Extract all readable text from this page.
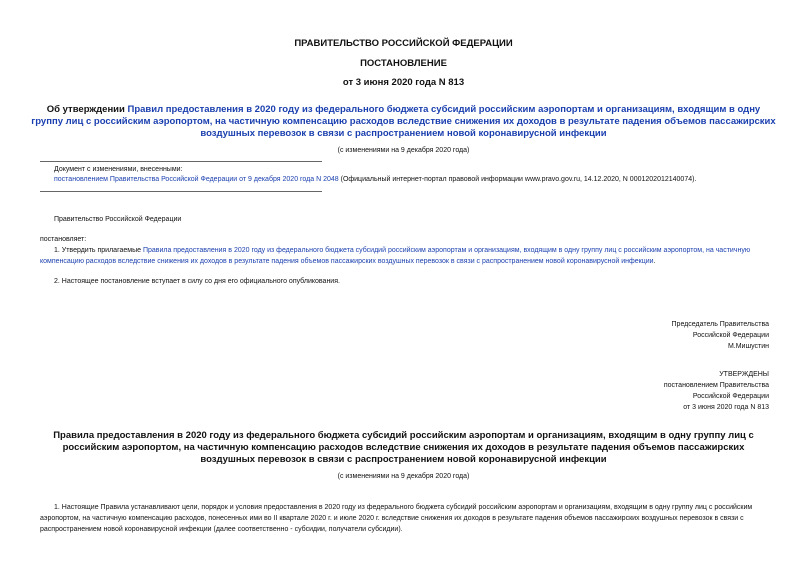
ПРАВИТЕЛЬСТВО РОССИЙСКОЙ ФЕДЕРАЦИИ
ПОСТАНОВЛЕНИЕ
от 3 июня 2020 года N 813
Об утверждении Правил предоставления в 2020 году из федерального бюджета субсидий российским аэропортам и организациям, входящим в одну группу лиц с российским аэропортом, на частичную компенсацию расходов вследствие снижения их доходов в результате падения объемов пассажирских воздушных перевозок в связи с распространением новой коронавирусной инфекции
(с изменениями на 9 декабря 2020 года)
Документ с изменениями, внесенными:
постановлением Правительства Российской Федерации от 9 декабря 2020 года N 2048 (Официальный интернет-портал правовой информации www.pravo.gov.ru, 14.12.2020, N 0001202012140074).
Правительство Российской Федерации
постановляет:
1. Утвердить прилагаемые Правила предоставления в 2020 году из федерального бюджета субсидий российским аэропортам и организациям, входящим в одну группу лиц с российским аэропортом, на частичную компенсацию расходов вследствие снижения их доходов в результате падения объемов пассажирских воздушных перевозок в связи с распространением новой коронавирусной инфекции.
2. Настоящее постановление вступает в силу со дня его официального опубликования.
Председатель Правительства
Российской Федерации
М.Мишустин
УТВЕРЖДЕНЫ
постановлением Правительства
Российской Федерации
от 3 июня 2020 года N 813
Правила предоставления в 2020 году из федерального бюджета субсидий российским аэропортам и организациям, входящим в одну группу лиц с российским аэропортом, на частичную компенсацию расходов вследствие снижения их доходов в результате падения объемов пассажирских воздушных перевозок в связи с распространением новой коронавирусной инфекции
(с изменениями на 9 декабря 2020 года)
1. Настоящие Правила устанавливают цели, порядок и условия предоставления в 2020 году из федерального бюджета субсидий российским аэропортам и организациям, входящим в одну группу лиц с российским аэропортом, на частичную компенсацию расходов, понесенных ими во II квартале 2020 г. и июле 2020 г. вследствие снижения их доходов в результате падения объемов пассажирских воздушных перевозок в связи с распространением новой коронавирусной инфекции (далее соответственно - субсидии, получатели субсидии).
